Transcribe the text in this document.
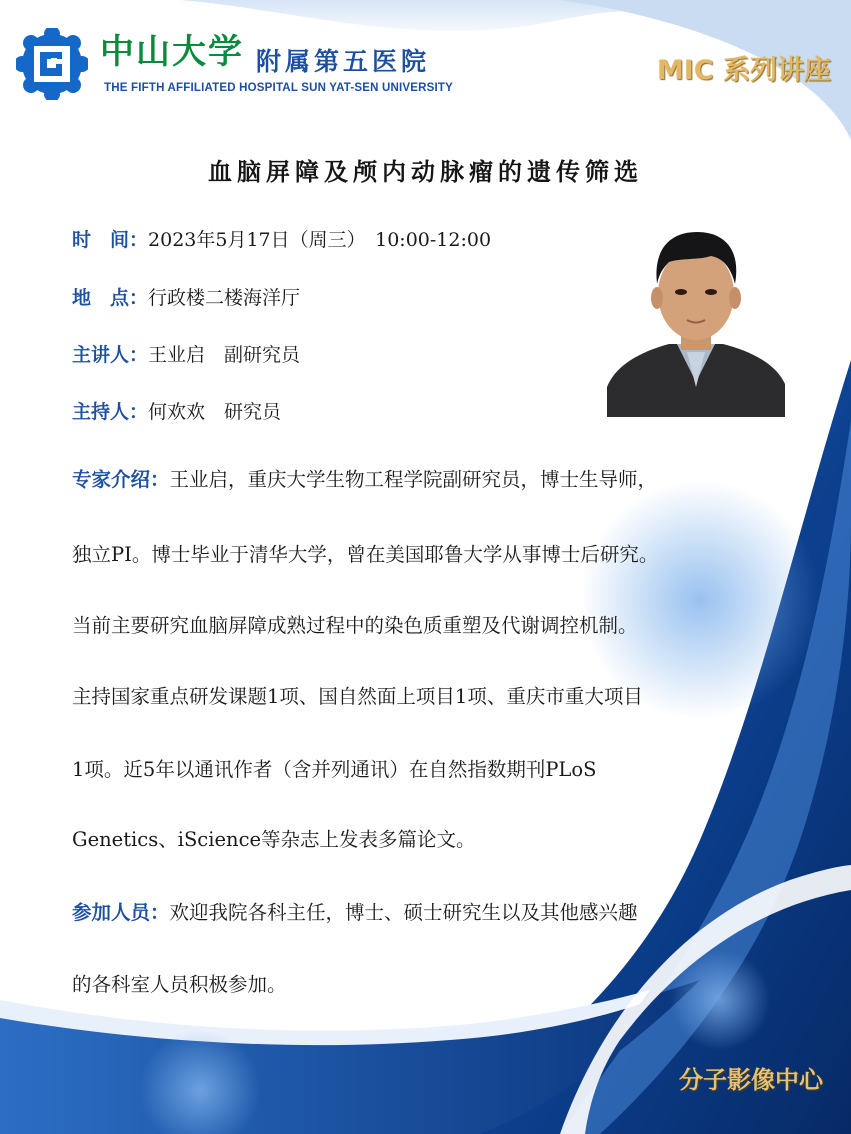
中山大学 附属第五医院
THE FIFTH AFFILIATED HOSPITAL SUN YAT-SEN UNIVERSITY
MIC 系列讲座
血脑屏障及颅内动脉瘤的遗传筛选
时　间：2023年5月17日（周三）　10:00-12:00
地　点：行政楼二楼海洋厅
主讲人：王业启　副研究员
主持人：何欢欢　研究员
专家介绍：王业启，重庆大学生物工程学院副研究员，博士生导师，
独立PI。博士毕业于清华大学，曾在美国耶鲁大学从事博士后研究。
当前主要研究血脑屏障成熟过程中的染色质重塑及代谢调控机制。
主持国家重点研发课题1项、国自然面上项目1项、重庆市重大项目
1项。近5年以通讯作者（含并列通讯）在自然指数期刊PLoS
Genetics、iScience等杂志上发表多篇论文。
参加人员：欢迎我院各科主任，博士、硕士研究生以及其他感兴趣
的各科室人员积极参加。
分子影像中心
